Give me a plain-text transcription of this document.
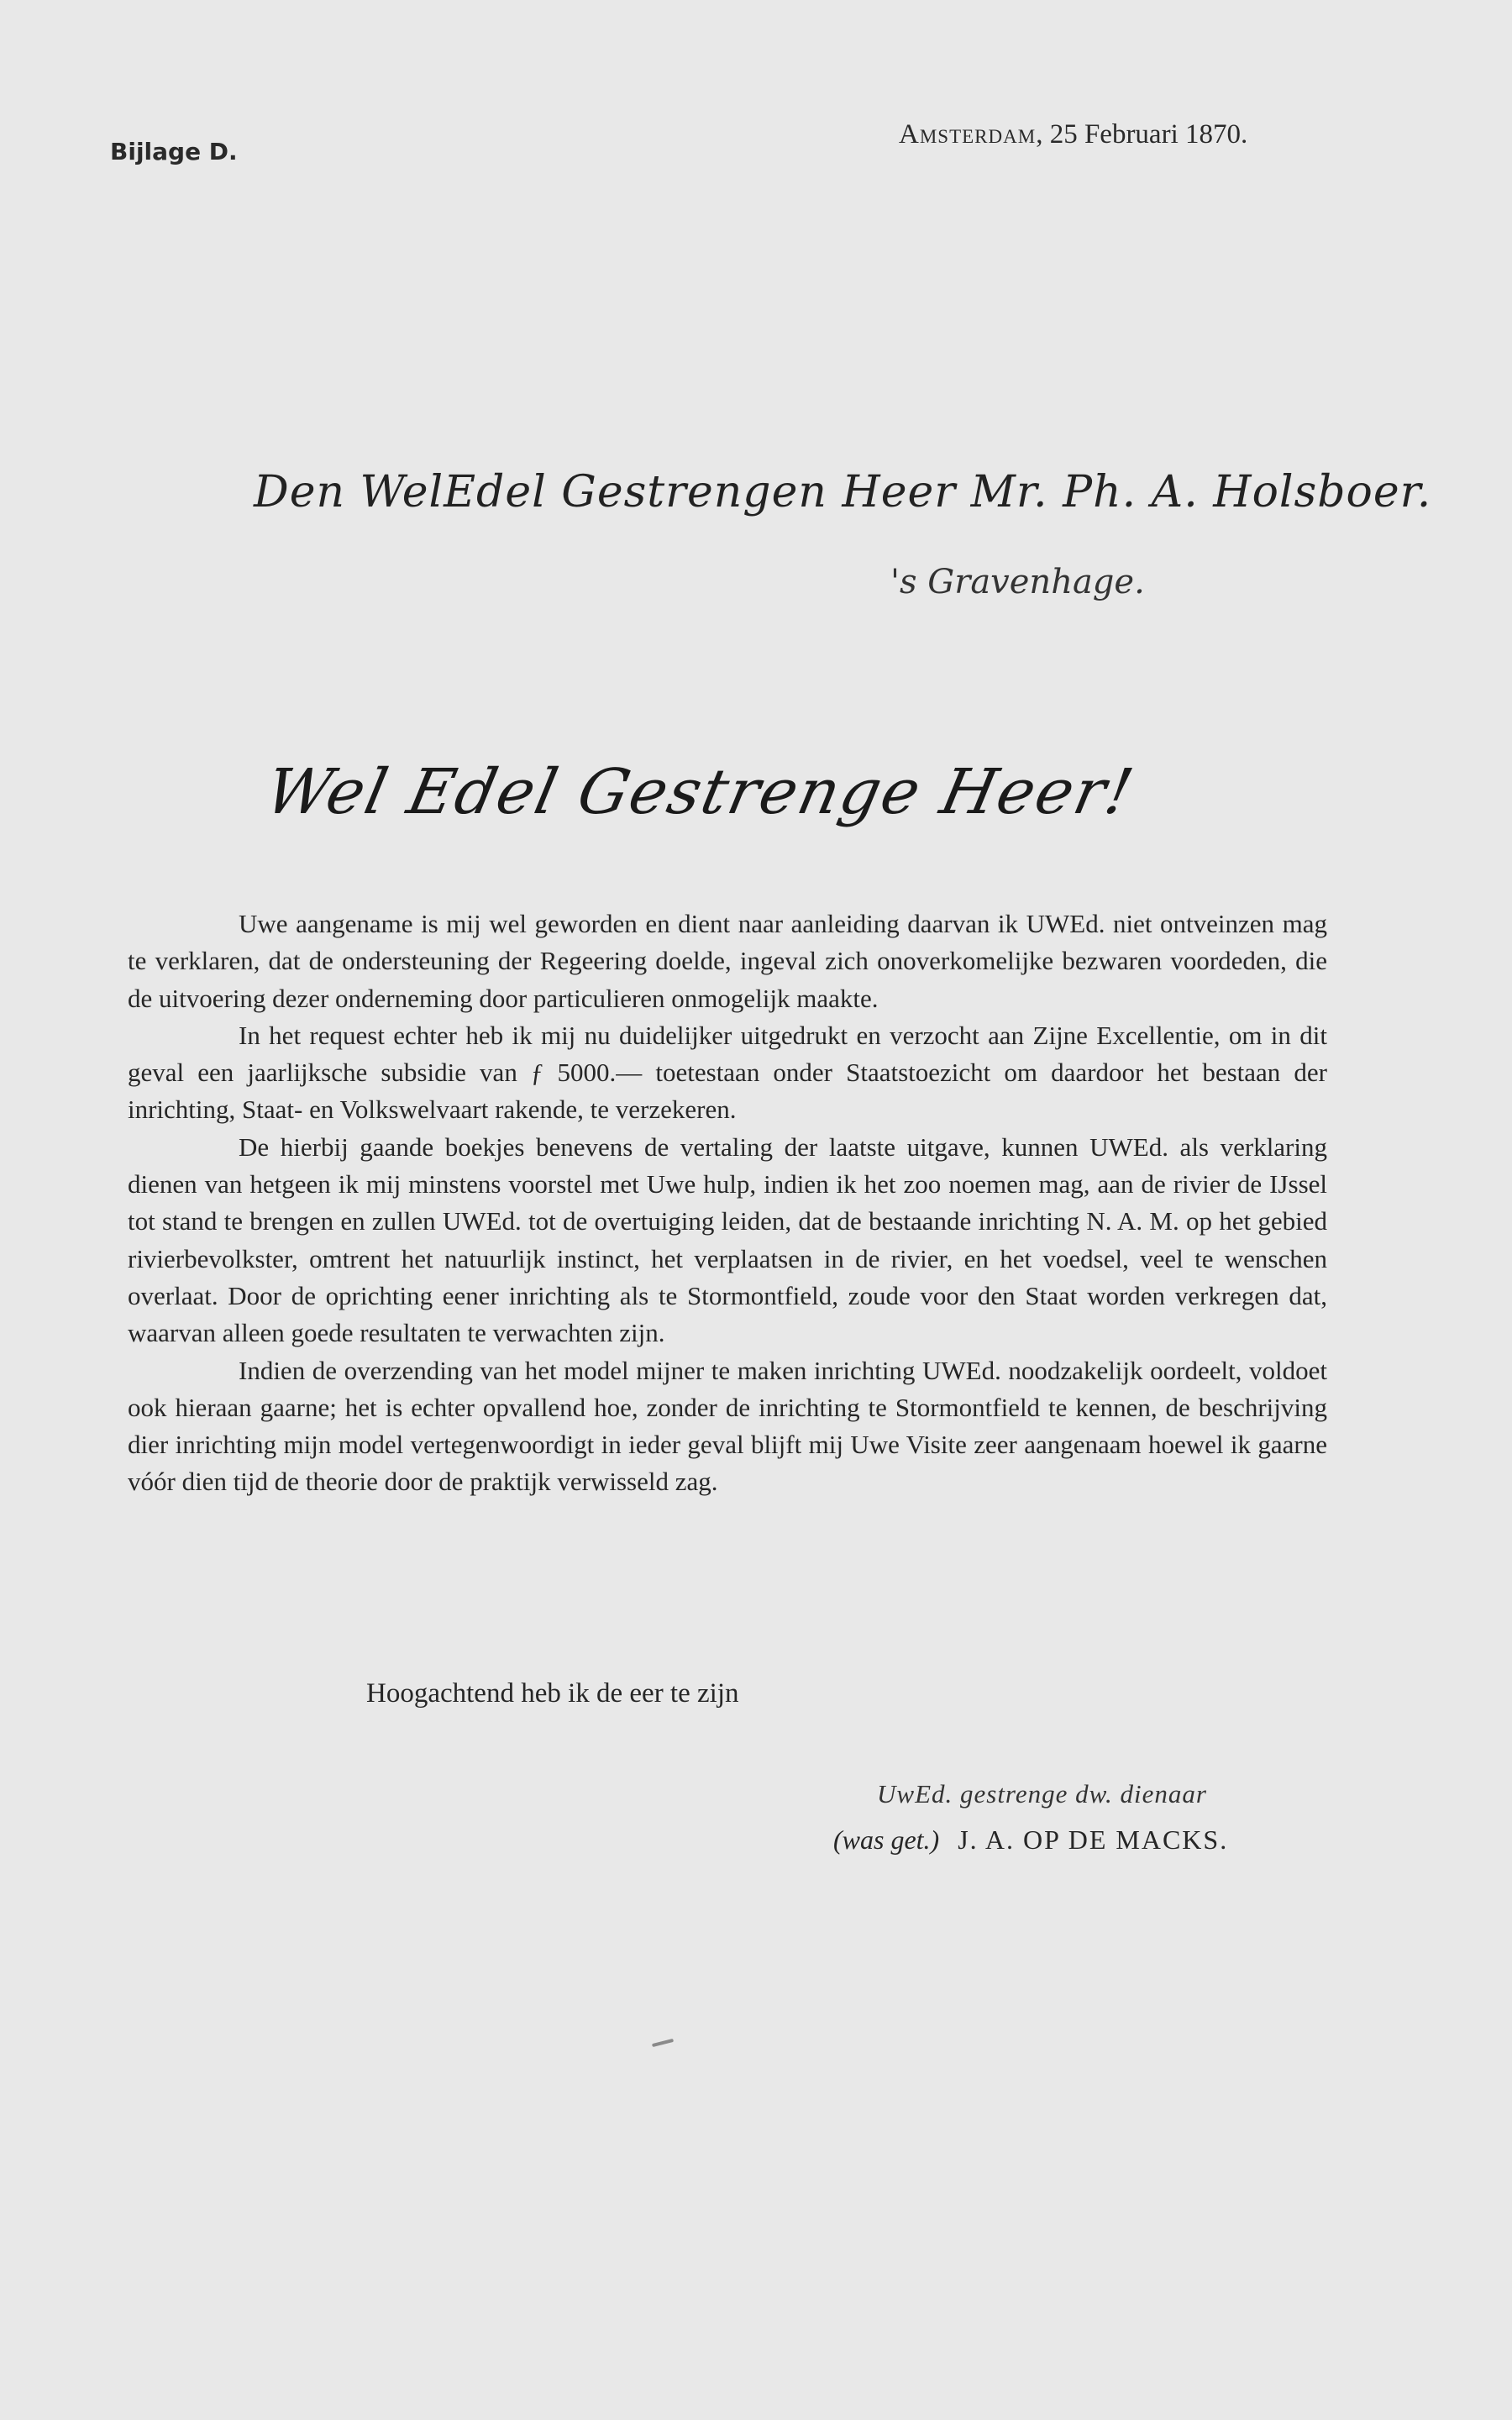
Bijlage D.
Amsterdam, 25 Februari 1870.
Den WelEdel Gestrengen Heer Mr. Ph. A. Holsboer.
's Gravenhage.
Wel Edel Gestrenge Heer!

Uwe aangename is mij wel geworden en dient naar aanleiding daarvan ik UWEd. niet ontveinzen mag te verklaren, dat de ondersteuning der Regeering doelde, ingeval zich onoverkomelijke bezwaren voordeden, die de uitvoering dezer onderneming door particulieren onmogelijk maakte.

In het request echter heb ik mij nu duidelijker uitgedrukt en verzocht aan Zijne Excellentie, om in dit geval een jaarlijksche subsidie van ƒ 5000.— toetestaan onder Staatstoezicht om daardoor het bestaan der inrichting, Staat- en Volkswelvaart rakende, te verzekeren.

De hierbij gaande boekjes benevens de vertaling der laatste uitgave, kunnen UWEd. als verklaring dienen van hetgeen ik mij minstens voorstel met Uwe hulp, indien ik het zoo noemen mag, aan de rivier de IJssel tot stand te brengen en zullen UWEd. tot de overtuiging leiden, dat de bestaande inrichting N. A. M. op het gebied rivierbevolkster, omtrent het natuurlijk instinct, het verplaatsen in de rivier, en het voedsel, veel te wenschen overlaat. Door de oprichting eener inrichting als te Stormontfield, zoude voor den Staat worden verkregen dat, waarvan alleen goede resultaten te verwachten zijn.

Indien de overzending van het model mijner te maken inrichting UWEd. noodzakelijk oordeelt, voldoet ook hieraan gaarne; het is echter opvallend hoe, zonder de inrichting te Stormontfield te kennen, de beschrijving dier inrichting mijn model vertegenwoordigt in ieder geval blijft mij Uwe Visite zeer aangenaam hoewel ik gaarne vóór dien tijd de theorie door de praktijk verwisseld zag.

Hoogachtend heb ik de eer te zijn
UwEd. gestrenge dw. dienaar
(was get.) J. A. OP DE MACKS.
